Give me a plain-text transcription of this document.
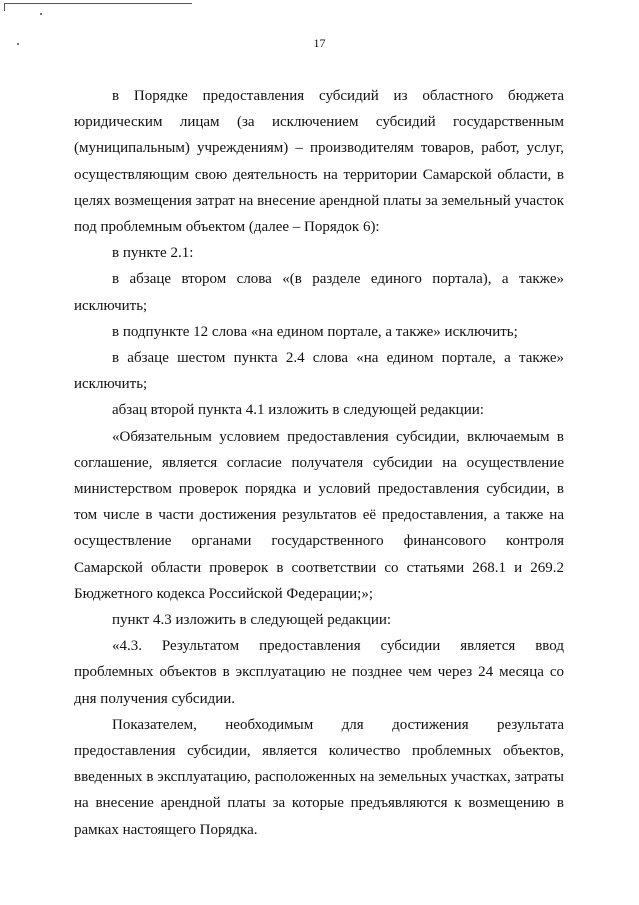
17

в Порядке предоставления субсидий из областного бюджета юридическим лицам (за исключением субсидий государственным (муниципальным) учреждениям) – производителям товаров, работ, услуг, осуществляющим свою деятельность на территории Самарской области, в целях возмещения затрат на внесение арендной платы за земельный участок под проблемным объектом (далее – Порядок 6):

в пункте 2.1:

в абзаце втором слова «(в разделе единого портала), а также» исключить;

в подпункте 12 слова «на едином портале, а также» исключить;

в абзаце шестом пункта 2.4 слова «на едином портале, а также» исключить;

абзац второй пункта 4.1 изложить в следующей редакции:

«Обязательным условием предоставления субсидии, включаемым в соглашение, является согласие получателя субсидии на осуществление министерством проверок порядка и условий предоставления субсидии, в том числе в части достижения результатов её предоставления, а также на осуществление органами государственного финансового контроля Самарской области проверок в соответствии со статьями 268.1 и 269.2 Бюджетного кодекса Российской Федерации;»;

пункт 4.3 изложить в следующей редакции:

«4.3. Результатом предоставления субсидии является ввод проблемных объектов в эксплуатацию не позднее чем через 24 месяца со дня получения субсидии.

Показателем, необходимым для достижения результата предоставления субсидии, является количество проблемных объектов, введенных в эксплуатацию, расположенных на земельных участках, затраты на внесение арендной платы за которые предъявляются к возмещению в рамках настоящего Порядка.
